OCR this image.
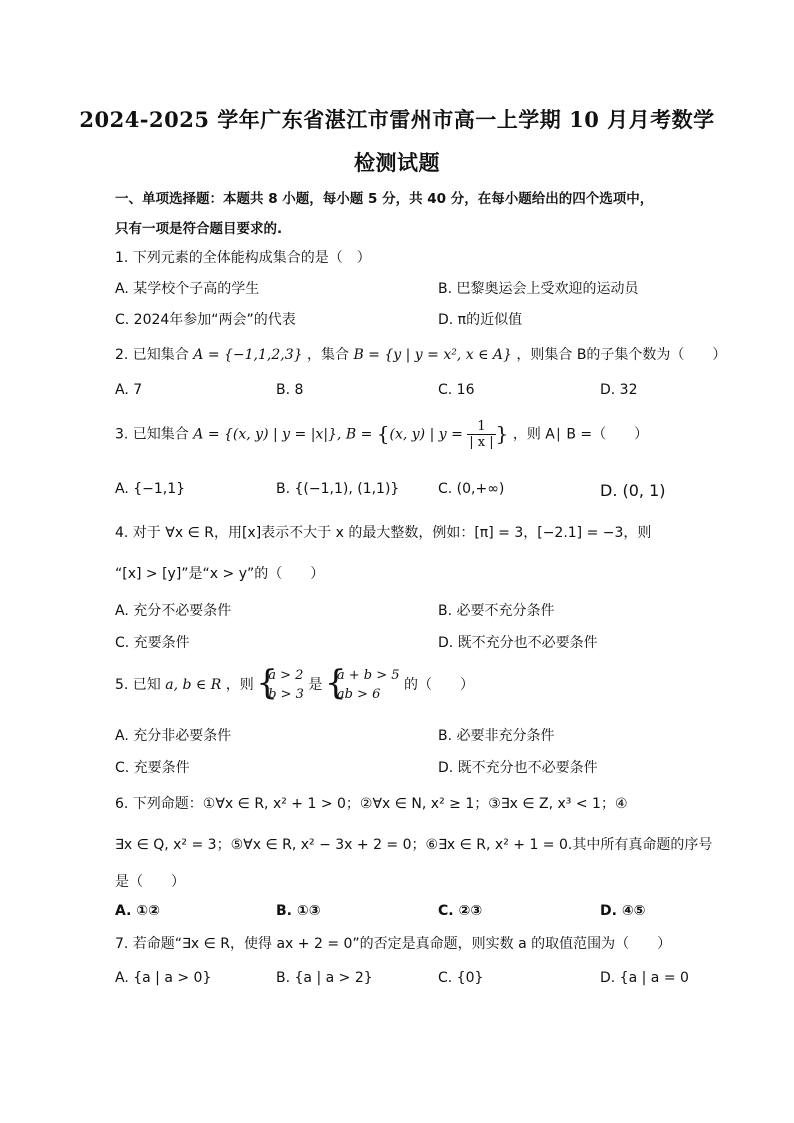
2024-2025 学年广东省湛江市雷州市高一上学期 10 月月考数学
检测试题
一、单项选择题：本题共 8 小题，每小题 5 分，共 40 分，在每小题给出的四个选项中，
只有一项是符合题目要求的.
1. 下列元素的全体能构成集合的是（　）
A. 某学校个子高的学生	B. 巴黎奥运会上受欢迎的运动员
C. 2024年参加“两会”的代表	D. π的近似值
2. 已知集合 A = {−1,1,2,3} ，集合 B = {y | y = x², x ∈ A} ，则集合 B的子集个数为（　　）
A. 7	B. 8	C. 16	D. 32
3. 已知集合 A = {(x, y) | y = |x|}, B = {(x, y) | $y = \frac{1}{| x |}$ } ，则 A∣ B =（　　）
A. {−1,1}	B. {(−1,1), (1,1)}	C. (0,+∞)	D. (0, 1)
4. 对于 ∀x ∈ R，用[x]表示不大于 x 的最大整数，例如：[π] = 3，[−2.1] = −3，则
“[x] > [y]”是“x > y”的（　　）
A. 充分不必要条件	B. 必要不充分条件
C. 充要条件	D. 既不充分也不必要条件
5. 已知 a, b ∈ R ，则 {
a > 2
b > 3
是 {
a + b > 5
ab > 6
的（　　）
A. 充分非必要条件	B. 必要非充分条件
C. 充要条件	D. 既不充分也不必要条件
6. 下列命题：①∀x ∈ R, x² + 1 > 0；②∀x ∈ N, x² ≥ 1；③∃x ∈ Z, x³ < 1；④
∃x ∈ Q, x² = 3；⑤∀x ∈ R, x² − 3x + 2 = 0；⑥∃x ∈ R, x² + 1 = 0.其中所有真命题的序号
是（　　）
A. ①②	B. ①③	C. ②③	D. ④⑤
7. 若命题“∃x ∈ R，使得 ax + 2 = 0”的否定是真命题，则实数 a 的取值范围为（　　）
A. {a | a > 0}	B. {a | a > 2}	C. {0}	D. {a | a = 0
